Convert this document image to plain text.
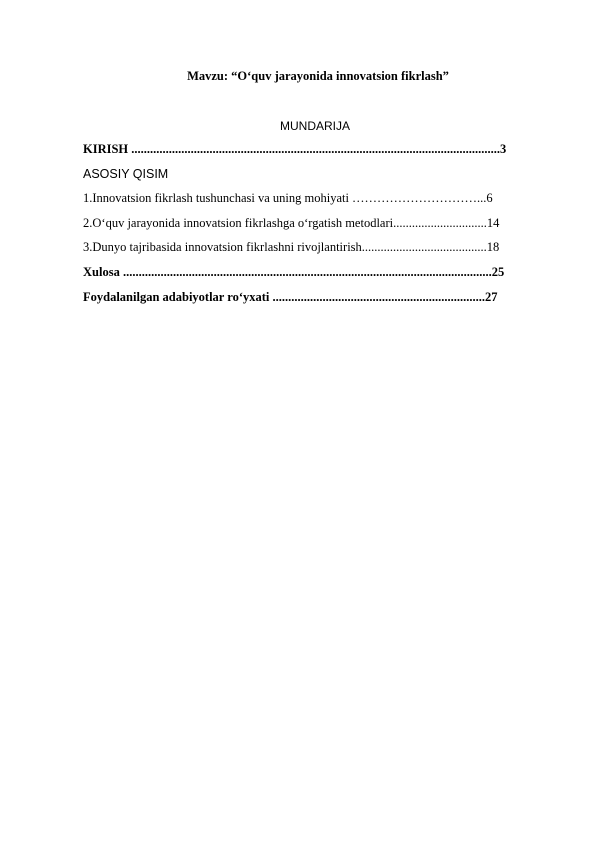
Mavzu: “O‘quv jarayonida innovatsion fikrlash”
MUNDARIJA
KIRISH ......................................................................................................................3
ASOSIY QISIM
1.Innovatsion fikrlash tushunchasi va uning mohiyati …………………………...6
2.O‘quv jarayonida innovatsion fikrlashga o‘rgatish metodlari..............................14
3.Dunyo tajribasida innovatsion fikrlashni rivojlantirish........................................18
Xulosa ......................................................................................................................25
Foydalanilgan adabiyotlar ro‘yxati ....................................................................27
